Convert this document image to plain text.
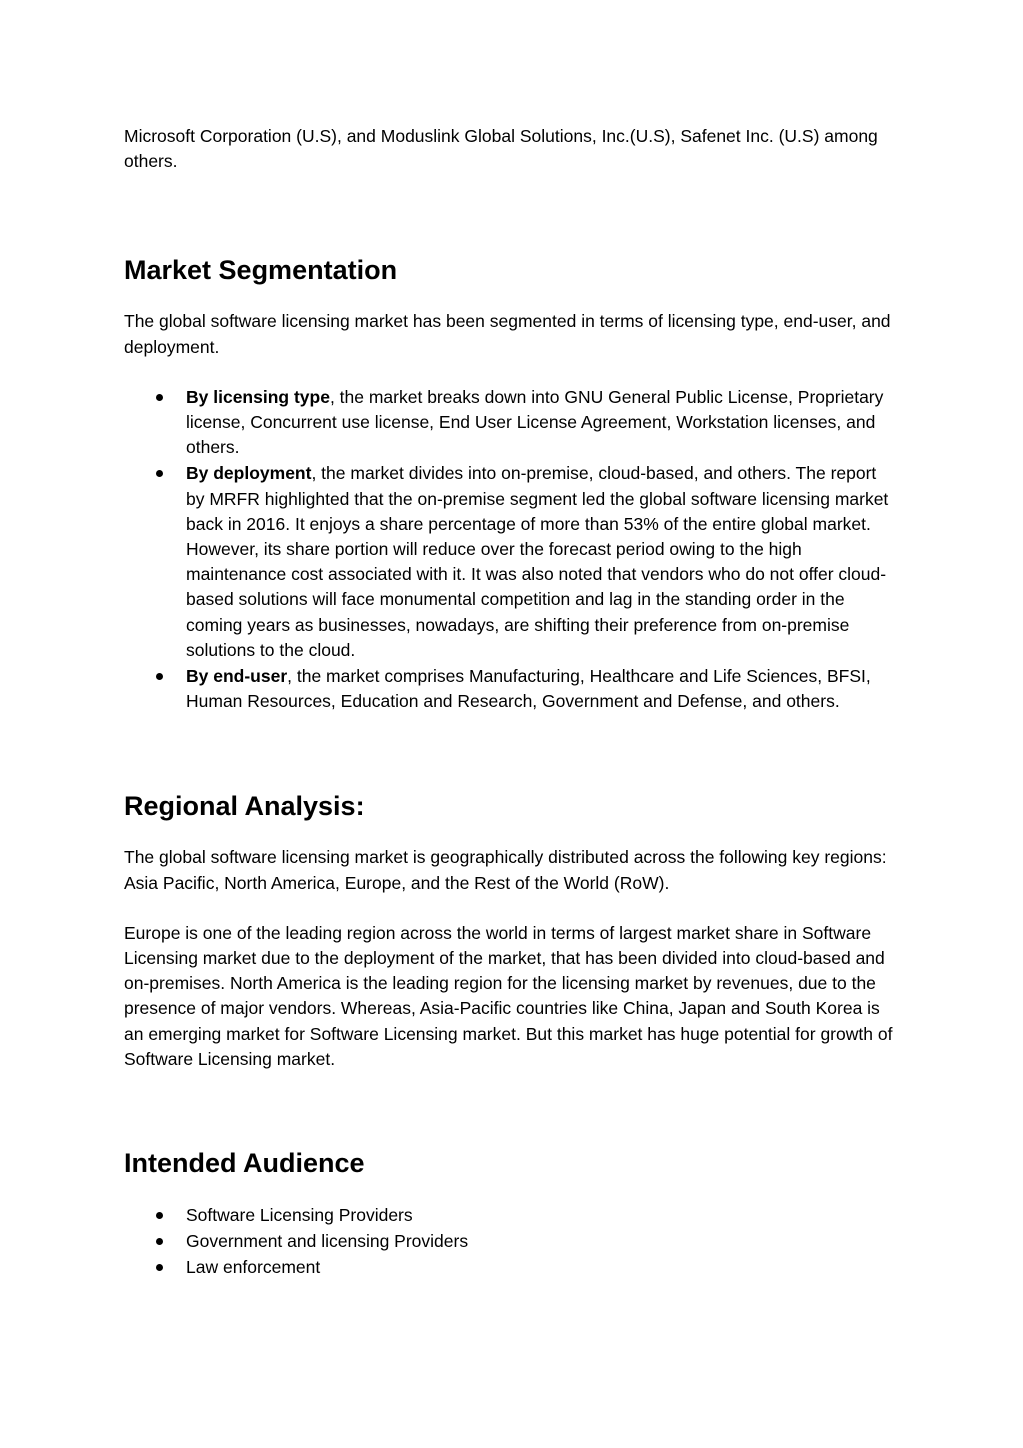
Microsoft Corporation (U.S), and Moduslink Global Solutions, Inc.(U.S), Safenet Inc. (U.S) among others.

Market Segmentation

The global software licensing market has been segmented in terms of licensing type, end-user, and deployment.

By licensing type, the market breaks down into GNU General Public License, Proprietary license, Concurrent use license, End User License Agreement, Workstation licenses, and others.
By deployment, the market divides into on-premise, cloud-based, and others. The report by MRFR highlighted that the on-premise segment led the global software licensing market back in 2016. It enjoys a share percentage of more than 53% of the entire global market. However, its share portion will reduce over the forecast period owing to the high maintenance cost associated with it. It was also noted that vendors who do not offer cloud-based solutions will face monumental competition and lag in the standing order in the coming years as businesses, nowadays, are shifting their preference from on-premise solutions to the cloud.
By end-user, the market comprises Manufacturing, Healthcare and Life Sciences, BFSI, Human Resources, Education and Research, Government and Defense, and others.
Regional Analysis:

The global software licensing market is geographically distributed across the following key regions: Asia Pacific, North America, Europe, and the Rest of the World (RoW).

Europe is one of the leading region across the world in terms of largest market share in Software Licensing market due to the deployment of the market, that has been divided into cloud-based and on-premises. North America is the leading region for the licensing market by revenues, due to the presence of major vendors. Whereas, Asia-Pacific countries like China, Japan and South Korea is an emerging market for Software Licensing market. But this market has huge potential for growth of Software Licensing market.

Intended Audience
Software Licensing Providers
Government and licensing Providers
Law enforcement
